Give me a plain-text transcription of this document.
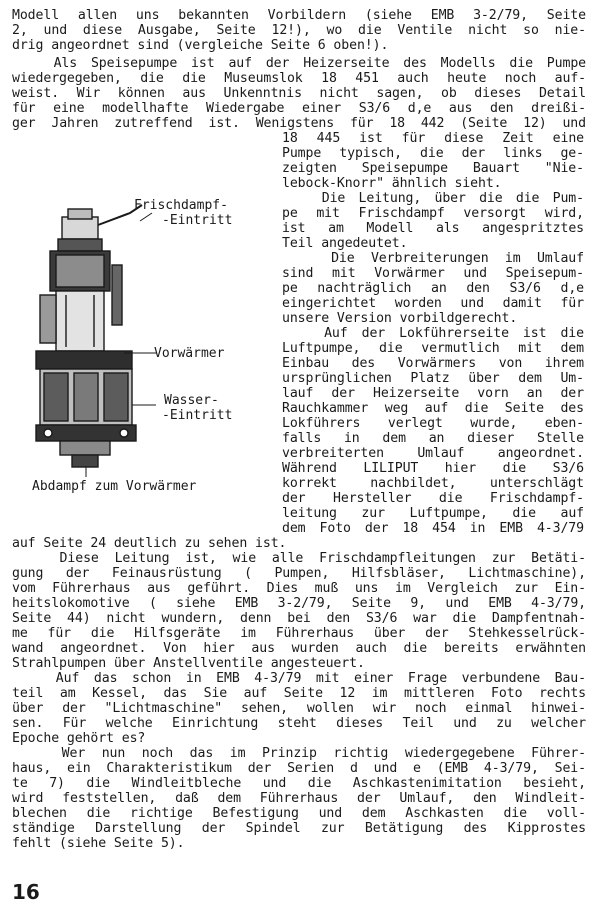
Modell allen uns bekannten Vorbildern (siehe EMB 3-2/79, Seite
2, und diese Ausgabe, Seite 12!), wo die Ventile nicht so nie-
drig angeordnet sind (vergleiche Seite 6 oben!).
Als Speisepumpe ist auf der Heizerseite des Modells die Pumpe
wiedergegeben, die die Museumslok 18 451 auch heute noch auf-
weist. Wir können aus Unkenntnis nicht sagen, ob dieses Detail
für eine modellhafte Wiedergabe einer S3/6 d,e aus den dreißi-
ger Jahren zutreffend ist. Wenigstens für 18 442 (Seite 12) und
18 445 ist für diese Zeit eine
Pumpe typisch, die der links ge-
zeigten Speisepumpe Bauart "Nie-
lebock-Knorr" ähnlich sieht.
Die Leitung, über die die Pum-
pe mit Frischdampf versorgt wird,
ist am Modell als angespritztes
Teil angedeutet.
Die Verbreiterungen im Umlauf
sind mit Vorwärmer und Speisepum-
pe nachträglich an den S3/6 d,e
eingerichtet worden und damit für
unsere Version vorbildgerecht.
Auf der Lokführerseite ist die
Luftpumpe, die vermutlich mit dem
Einbau des Vorwärmers von ihrem
ursprünglichen Platz über dem Um-
lauf der Heizerseite vorn an der
Rauchkammer weg auf die Seite des
Lokführers verlegt wurde, eben-
falls in dem an dieser Stelle
verbreiterten Umlauf angeordnet.
Während LILIPUT hier die S3/6
korrekt nachbildet, unterschlägt
der Hersteller die Frischdampf-
leitung zur Luftpumpe, die auf
dem Foto der 18 454 in EMB 4-3/79
Frischdampf-
-Eintritt
Vorwärmer
Wasser-
-Eintritt
Abdampf zum Vorwärmer
auf Seite 24 deutlich zu sehen ist.
Diese Leitung ist, wie alle Frischdampfleitungen zur Betäti-
gung der Feinausrüstung ( Pumpen, Hilfsbläser, Lichtmaschine),
vom Führerhaus aus geführt. Dies muß uns im Vergleich zur Ein-
heitslokomotive ( siehe EMB 3-2/79, Seite 9, und EMB 4-3/79,
Seite 44) nicht wundern, denn bei den S3/6 war die Dampfentnah-
me für die Hilfsgeräte im Führerhaus über der Stehkesselrück-
wand angeordnet. Von hier aus wurden auch die bereits erwähnten
Strahlpumpen über Anstellventile angesteuert.
Auf das schon in EMB 4-3/79 mit einer Frage verbundene Bau-
teil am Kessel, das Sie auf Seite 12 im mittleren Foto rechts
über der "Lichtmaschine" sehen, wollen wir noch einmal hinwei-
sen. Für welche Einrichtung steht dieses Teil und zu welcher
Epoche gehört es?
Wer nun noch das im Prinzip richtig wiedergegebene Führer-
haus, ein Charakteristikum der Serien d und e (EMB 4-3/79, Sei-
te 7) die Windleitbleche und die Aschkastenimitation besieht,
wird feststellen, daß dem Führerhaus der Umlauf, den Windleit-
blechen die richtige Befestigung und dem Aschkasten die voll-
ständige Darstellung der Spindel zur Betätigung des Kipprostes
fehlt (siehe Seite 5).
16
